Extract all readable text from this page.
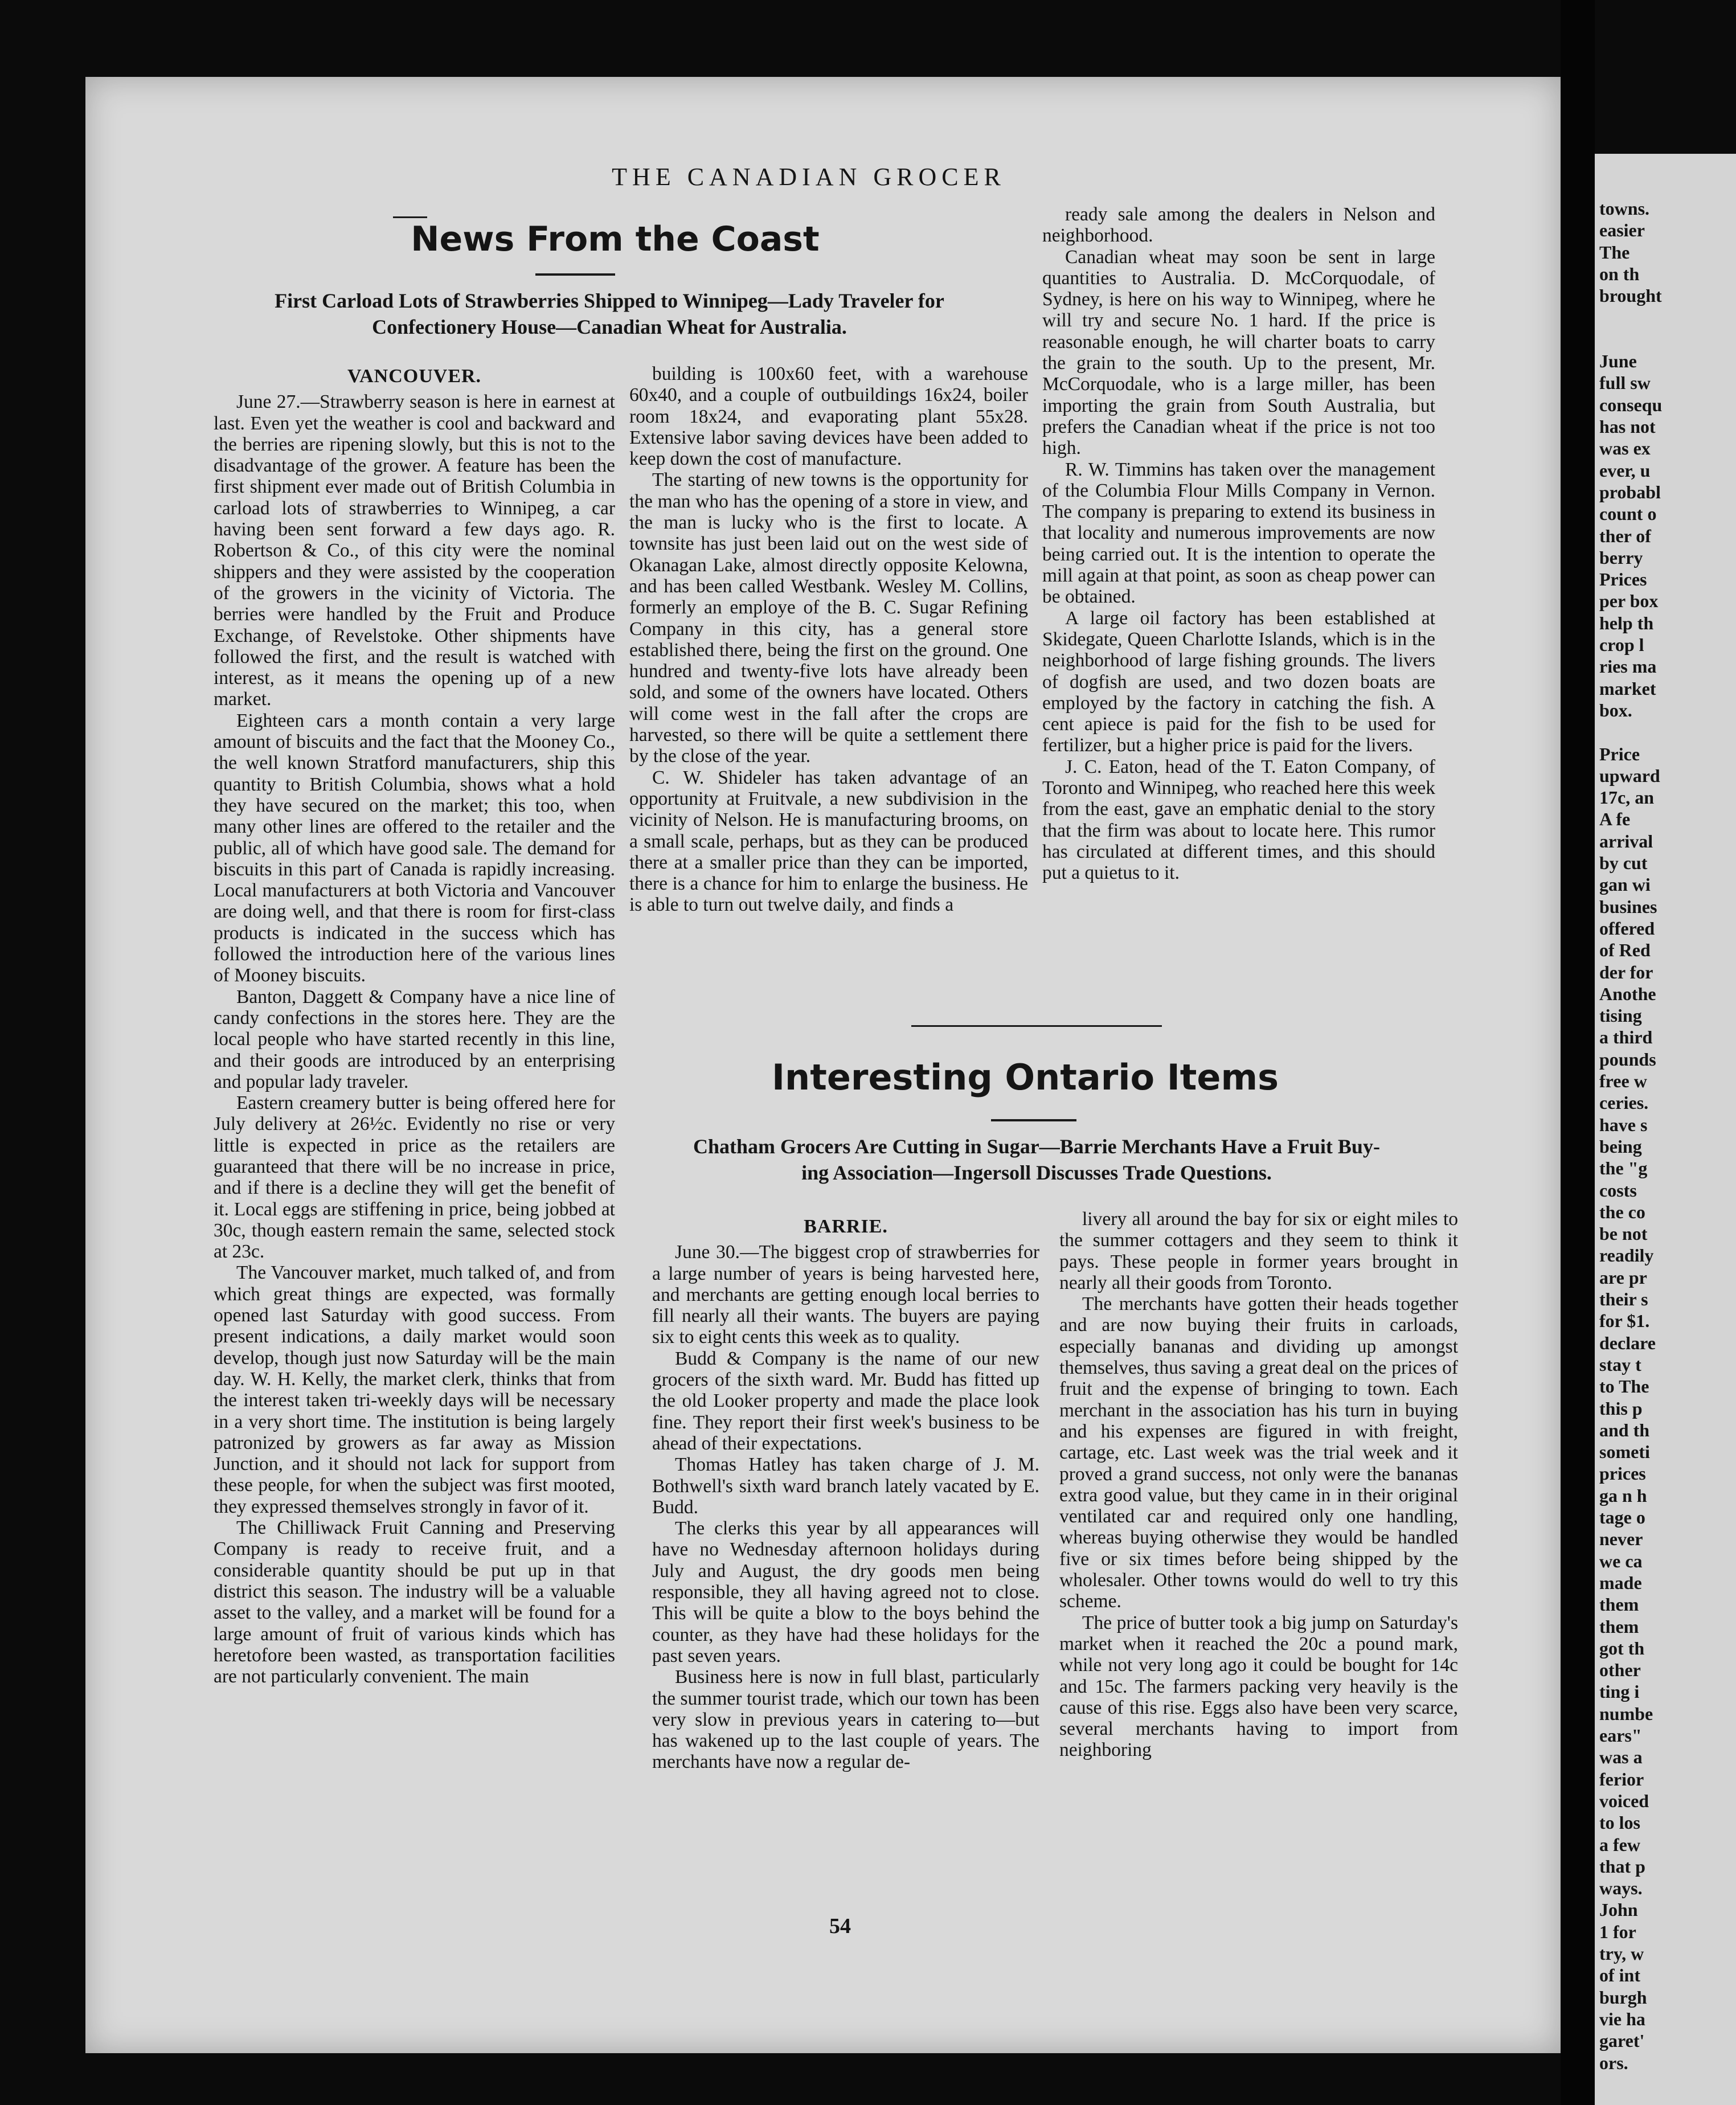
towns.
easier
The
on th
brought
June
full sw
consequ
has not
was ex
ever, u
probabl
count o
ther of
berry
Prices
per box
help th
crop l
ries ma
market
box.
Price
upward
17c, an
A fe
arrival
by cut
gan wi
busines
offered
of Red
der for
Anothe
tising
a third
pounds
free w
ceries.
have s
being
the "g
costs
the co
be not
readily
are pr
their s
for $1.
declare
stay t
to The
this p
and th
someti
prices
ga n h
tage o
never
we ca
made
them
them
got th
other
ting i
numbe
ears"
was a
ferior
voiced
to los
a few
that p
ways.
John
1 for
try, w
of int
burgh
vie ha
garet'
ors.
THE CANADIAN GROCER
News From the Coast
First Carload Lots of Strawberries Shipped to Winnipeg—Lady Traveler for
Confectionery House—Canadian Wheat for Australia.
VANCOUVER.

June 27.—Strawberry season is here in earnest at last. Even yet the weather is cool and backward and the berries are ripening slowly, but this is not to the disadvantage of the grower. A feature has been the first shipment ever made out of British Columbia in carload lots of strawberries to Winnipeg, a car having been sent forward a few days ago. R. Robertson & Co., of this city were the nominal shippers and they were assisted by the cooperation of the growers in the vicinity of Victoria. The berries were handled by the Fruit and Produce Exchange, of Revelstoke. Other shipments have followed the first, and the result is watched with interest, as it means the opening up of a new market.

Eighteen cars a month contain a very large amount of biscuits and the fact that the Mooney Co., the well known Stratford manufacturers, ship this quantity to British Columbia, shows what a hold they have secured on the market; this too, when many other lines are offered to the retailer and the public, all of which have good sale. The demand for biscuits in this part of Canada is rapidly increasing. Local manufacturers at both Victoria and Vancouver are doing well, and that there is room for first-class products is indicated in the success which has followed the introduction here of the various lines of Mooney biscuits.

Banton, Daggett & Company have a nice line of candy confections in the stores here. They are the local people who have started recently in this line, and their goods are introduced by an enterprising and popular lady traveler.

Eastern creamery butter is being offered here for July delivery at 26½c. Evidently no rise or very little is expected in price as the retailers are guaranteed that there will be no increase in price, and if there is a decline they will get the benefit of it. Local eggs are stiffening in price, being jobbed at 30c, though eastern remain the same, selected stock at 23c.

The Vancouver market, much talked of, and from which great things are expected, was formally opened last Saturday with good success. From present indications, a daily market would soon develop, though just now Saturday will be the main day. W. H. Kelly, the market clerk, thinks that from the interest taken tri-weekly days will be necessary in a very short time. The institution is being largely patronized by growers as far away as Mission Junction, and it should not lack for support from these people, for when the subject was first mooted, they expressed themselves strongly in favor of it.

The Chilliwack Fruit Canning and Preserving Company is ready to receive fruit, and a considerable quantity should be put up in that district this season. The industry will be a valuable asset to the valley, and a market will be found for a large amount of fruit of various kinds which has heretofore been wasted, as transportation facilities are not particularly convenient. The main

building is 100x60 feet, with a warehouse 60x40, and a couple of outbuildings 16x24, boiler room 18x24, and evaporating plant 55x28. Extensive labor saving devices have been added to keep down the cost of manufacture.

The starting of new towns is the opportunity for the man who has the opening of a store in view, and the man is lucky who is the first to locate. A townsite has just been laid out on the west side of Okanagan Lake, almost directly opposite Kelowna, and has been called Westbank. Wesley M. Collins, formerly an employe of the B. C. Sugar Refining Company in this city, has a general store established there, being the first on the ground. One hundred and twenty-five lots have already been sold, and some of the owners have located. Others will come west in the fall after the crops are harvested, so there will be quite a settlement there by the close of the year.

C. W. Shideler has taken advantage of an opportunity at Fruitvale, a new subdivision in the vicinity of Nelson. He is manufacturing brooms, on a small scale, perhaps, but as they can be produced there at a smaller price than they can be imported, there is a chance for him to enlarge the business. He is able to turn out twelve daily, and finds a

ready sale among the dealers in Nelson and neighborhood.

Canadian wheat may soon be sent in large quantities to Australia. D. McCorquodale, of Sydney, is here on his way to Winnipeg, where he will try and secure No. 1 hard. If the price is reasonable enough, he will charter boats to carry the grain to the south. Up to the present, Mr. McCorquodale, who is a large miller, has been importing the grain from South Australia, but prefers the Canadian wheat if the price is not too high.

R. W. Timmins has taken over the management of the Columbia Flour Mills Company in Vernon. The company is preparing to extend its business in that locality and numerous improvements are now being carried out. It is the intention to operate the mill again at that point, as soon as cheap power can be obtained.

A large oil factory has been established at Skidegate, Queen Charlotte Islands, which is in the neighborhood of large fishing grounds. The livers of dogfish are used, and two dozen boats are employed by the factory in catching the fish. A cent apiece is paid for the fish to be used for fertilizer, but a higher price is paid for the livers.

J. C. Eaton, head of the T. Eaton Company, of Toronto and Winnipeg, who reached here this week from the east, gave an emphatic denial to the story that the firm was about to locate here. This rumor has circulated at different times, and this should put a quietus to it.

Interesting Ontario Items
Chatham Grocers Are Cutting in Sugar—Barrie Merchants Have a Fruit Buy-
ing Association—Ingersoll Discusses Trade Questions.
BARRIE.

June 30.—The biggest crop of strawberries for a large number of years is being harvested here, and merchants are getting enough local berries to fill nearly all their wants. The buyers are paying six to eight cents this week as to quality.

Budd & Company is the name of our new grocers of the sixth ward. Mr. Budd has fitted up the old Looker property and made the place look fine. They report their first week's business to be ahead of their expectations.

Thomas Hatley has taken charge of J. M. Bothwell's sixth ward branch lately vacated by E. Budd.

The clerks this year by all appearances will have no Wednesday afternoon holidays during July and August, the dry goods men being responsible, they all having agreed not to close. This will be quite a blow to the boys behind the counter, as they have had these holidays for the past seven years.

Business here is now in full blast, particularly the summer tourist trade, which our town has been very slow in previous years in catering to—but has wakened up to the last couple of years. The merchants have now a regular de-

livery all around the bay for six or eight miles to the summer cottagers and they seem to think it pays. These people in former years brought in nearly all their goods from Toronto.

The merchants have gotten their heads together and are now buying their fruits in carloads, especially bananas and dividing up amongst themselves, thus saving a great deal on the prices of fruit and the expense of bringing to town. Each merchant in the association has his turn in buying and his expenses are figured in with freight, cartage, etc. Last week was the trial week and it proved a grand success, not only were the bananas extra good value, but they came in in their original ventilated car and required only one handling, whereas buying otherwise they would be handled five or six times before being shipped by the wholesaler. Other towns would do well to try this scheme.

The price of butter took a big jump on Saturday's market when it reached the 20c a pound mark, while not very long ago it could be bought for 14c and 15c. The farmers packing very heavily is the cause of this rise. Eggs also have been very scarce, several merchants having to import from neighboring

54
